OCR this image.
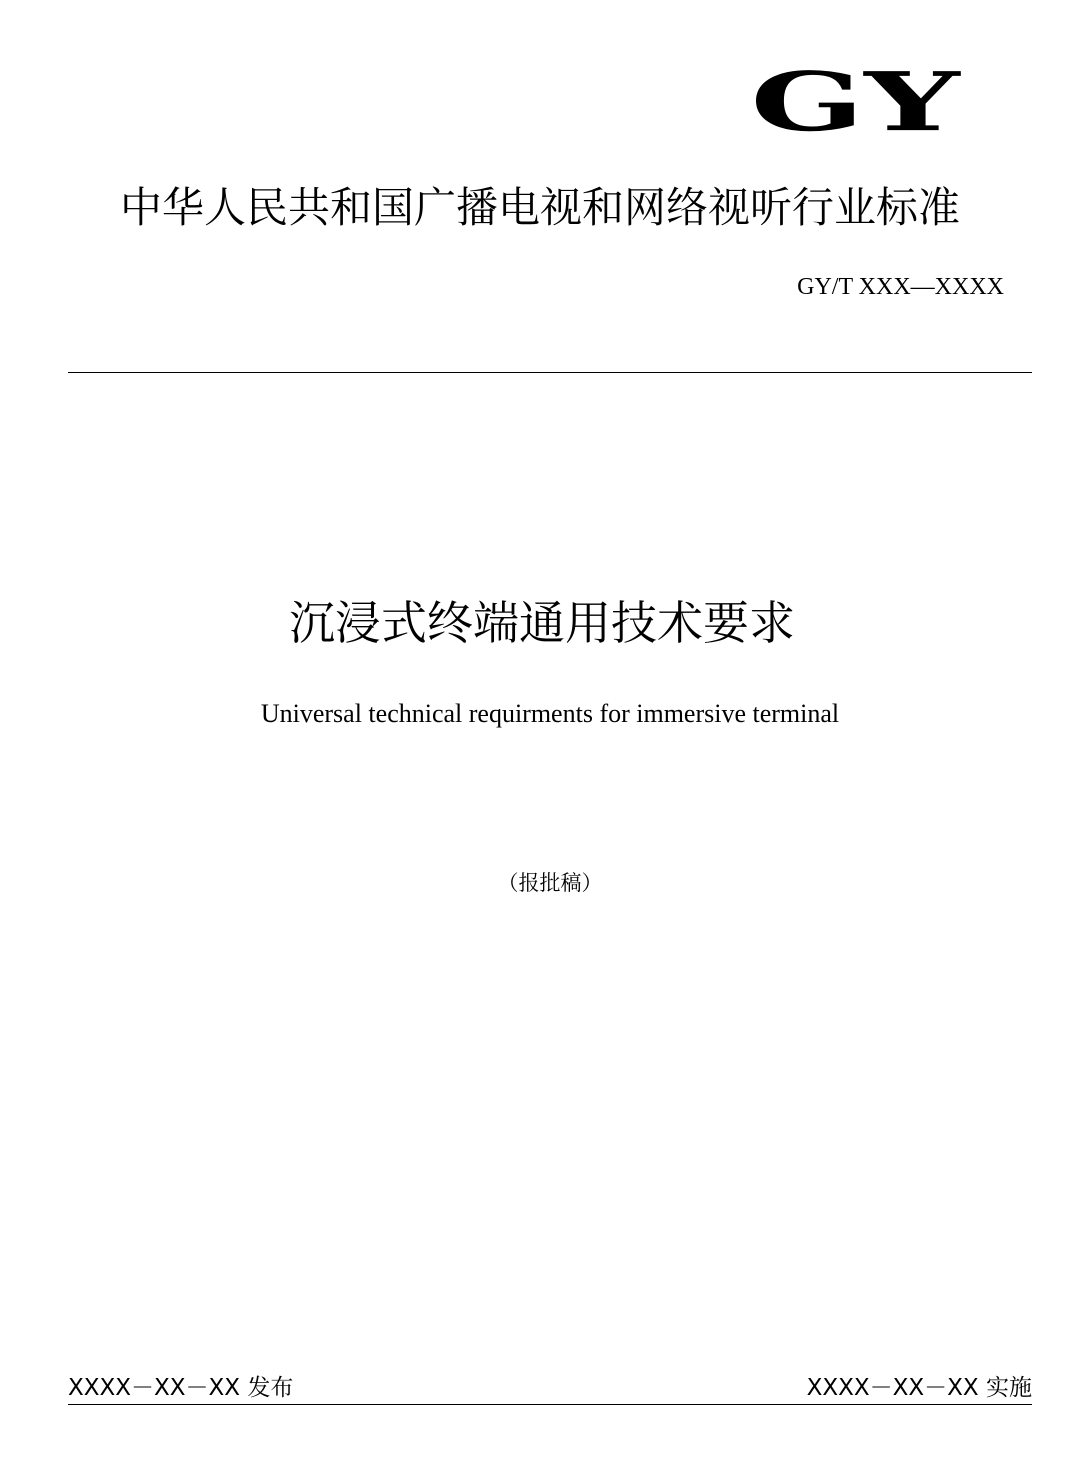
GY
中华人民共和国广播电视和网络视听行业标准
GY/T XXX—XXXX
沉浸式终端通用技术要求
Universal technical requirments for immersive terminal
（报批稿）
XXXX－XX－XX 发布	XXXX－XX－XX 实施
